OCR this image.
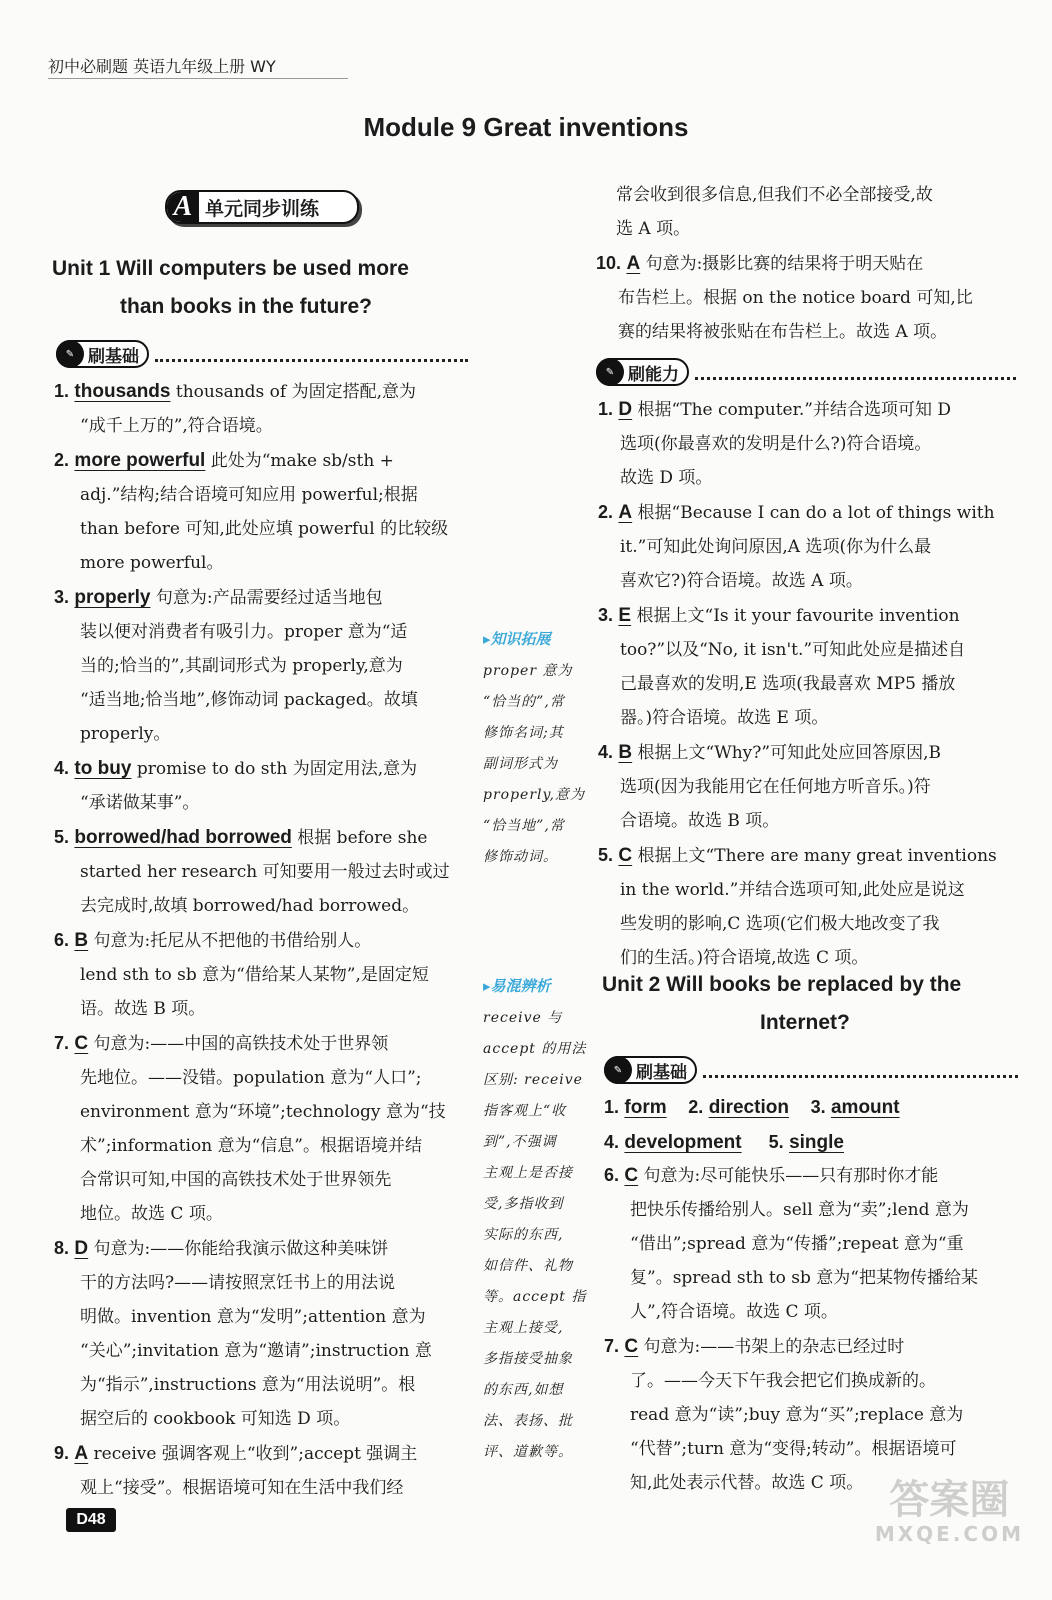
初中必刷题 英语九年级上册 WY
Module 9 Great inventions
A 单元同步训练
Unit 1 Will computers be used more
than books in the future?
✎ 刷基础
1. thousands thousands of 为固定搭配,意为
“成千上万的”,符合语境。
2. more powerful 此处为“make sb/sth +
adj.”结构;结合语境可知应用 powerful;根据
than before 可知,此处应填 powerful 的比较级
more powerful。
3. properly 句意为:产品需要经过适当地包
装以便对消费者有吸引力。proper 意为“适
当的;恰当的”,其副词形式为 properly,意为
“适当地;恰当地”,修饰动词 packaged。故填
properly。
4. to buy promise to do sth 为固定用法,意为
“承诺做某事”。
5. borrowed/had borrowed 根据 before she
started her research 可知要用一般过去时或过
去完成时,故填 borrowed/had borrowed。
6. B 句意为:托尼从不把他的书借给别人。
lend sth to sb 意为“借给某人某物”,是固定短
语。故选 B 项。
7. C 句意为:——中国的高铁技术处于世界领
先地位。——没错。population 意为“人口”;
environment 意为“环境”;technology 意为“技
术”;information 意为“信息”。根据语境并结
合常识可知,中国的高铁技术处于世界领先
地位。故选 C 项。
8. D 句意为:——你能给我演示做这种美味饼
干的方法吗?——请按照烹饪书上的用法说
明做。invention 意为“发明”;attention 意为
“关心”;invitation 意为“邀请”;instruction 意
为“指示”,instructions 意为“用法说明”。根
据空后的 cookbook 可知选 D 项。
9. A receive 强调客观上“收到”;accept 强调主
观上“接受”。根据语境可知在生活中我们经
▸知识拓展
proper 意为
“恰当的”,常
修饰名词;其
副词形式为
properly,意为
“恰当地”,常
修饰动词。
▸易混辨析
receive 与
accept 的用法
区别: receive
指客观上“收
到”,不强调
主观上是否接
受,多指收到
实际的东西,
如信件、礼物
等。accept 指
主观上接受,
多指接受抽象
的东西,如想
法、表扬、批
评、道歉等。
常会收到很多信息,但我们不必全部接受,故
选 A 项。
10. A 句意为:摄影比赛的结果将于明天贴在
布告栏上。根据 on the notice board 可知,比
赛的结果将被张贴在布告栏上。故选 A 项。
✎ 刷能力
1. D 根据“The computer.”并结合选项可知 D
选项(你最喜欢的发明是什么?)符合语境。
故选 D 项。
2. A 根据“Because I can do a lot of things with
it.”可知此处询问原因,A 选项(你为什么最
喜欢它?)符合语境。故选 A 项。
3. E 根据上文“Is it your favourite invention
too?”以及“No, it isn't.”可知此处应是描述自
己最喜欢的发明,E 选项(我最喜欢 MP5 播放
器。)符合语境。故选 E 项。
4. B 根据上文“Why?”可知此处应回答原因,B
选项(因为我能用它在任何地方听音乐。)符
合语境。故选 B 项。
5. C 根据上文“There are many great inventions
in the world.”并结合选项可知,此处应是说这
些发明的影响,C 选项(它们极大地改变了我
们的生活。)符合语境,故选 C 项。
Unit 2 Will books be replaced by the
Internet?
✎ 刷基础
1. form 2. direction 3. amount
4. development 5. single
6. C 句意为:尽可能快乐——只有那时你才能
把快乐传播给别人。sell 意为“卖”;lend 意为
“借出”;spread 意为“传播”;repeat 意为“重
复”。spread sth to sb 意为“把某物传播给某
人”,符合语境。故选 C 项。
7. C 句意为:——书架上的杂志已经过时
了。——今天下午我会把它们换成新的。
read 意为“读”;buy 意为“买”;replace 意为
“代替”;turn 意为“变得;转动”。根据语境可
知,此处表示代替。故选 C 项。
D48	答案圈
MXQE.COM
